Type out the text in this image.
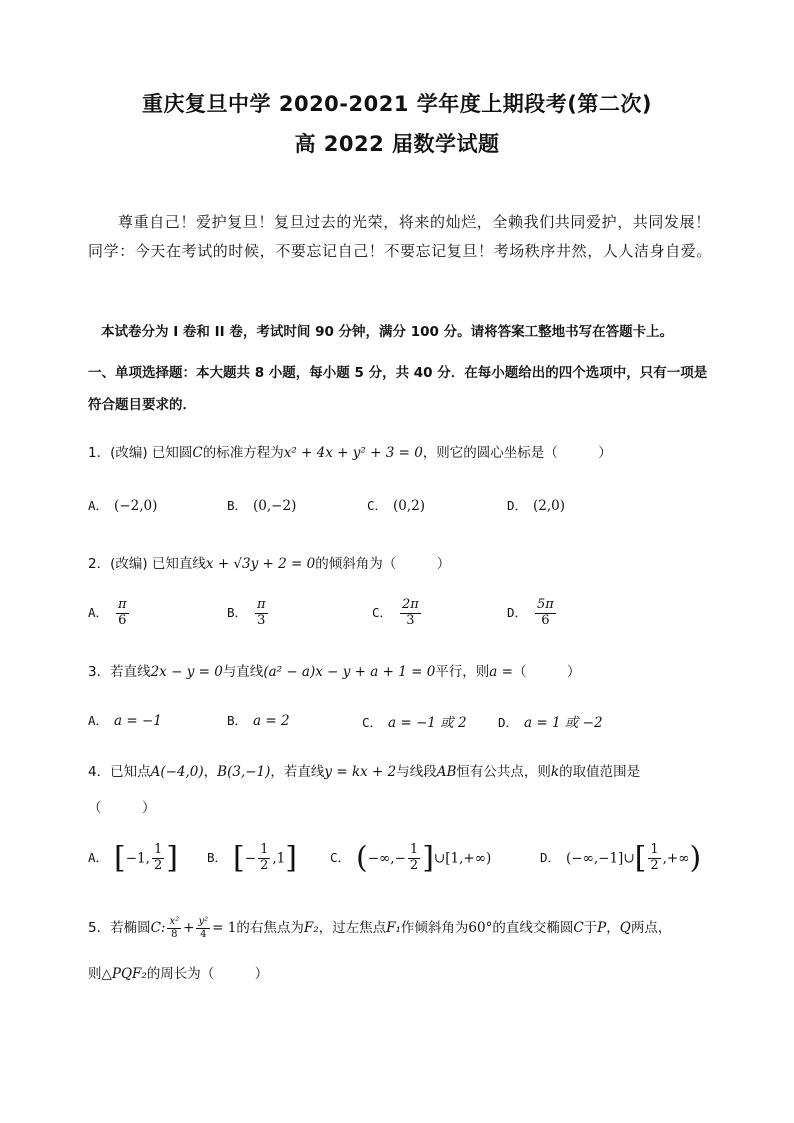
重庆复旦中学 2020-2021 学年度上期段考(第二次)
高 2022 届数学试题
尊重自己！爱护复旦！复旦过去的光荣，将来的灿烂，全赖我们共同爱护，共同发展！
同学：今天在考试的时候，不要忘记自己！不要忘记复旦！考场秩序井然，人人洁身自爱。
本试卷分为 I 卷和 II 卷，考试时间 90 分钟，满分 100 分。请将答案工整地书写在答题卡上。
一、单项选择题：本大题共 8 小题，每小题 5 分，共 40 分．在每小题给出的四个选项中，只有一项是
符合题目要求的．
1．(改编) 已知圆C的标准方程为x² + 4x + y² + 3 = 0，则它的圆心坐标是（　　　）
A． (−2,0)	B． (0,−2)	C． (0,2)	D． (2,0)
2．(改编) 已知直线x + √3y + 2 = 0的倾斜角为（　　　）
A． $\frac{\pi}{6}$	B． $\frac{\pi}{3}$	C． $\frac{2\pi}{3}$	D． $\frac{5\pi}{6}$
3．若直线2x − y = 0与直线(a² − a)x − y + a + 1 = 0平行，则a =（　　　）
A． a = −1	B． a = 2	C． a = −1 或 2	D． a = 1 或 −2
4．已知点A(−4,0)，B(3,−1)，若直线y = kx + 2与线段AB恒有公共点，则k的取值范围是
（　　　）
A． [−1, $\frac{1}{2}$ ] B． [− $\frac{1}{2} ,1$]	C． (−∞,− $\frac{1}{2}$ ]∪[1,+∞)	D． (−∞,−1]∪[ $\frac{1}{2}$ ,+∞)
5．若椭圆C: $\frac{\text{x²}}{8} + \frac{\text{y²}}{4} = 1$的右焦点为F₂，过左焦点F₁作倾斜角为60°的直线交椭圆C于P，Q两点，
则△PQF₂的周长为（　　　）
